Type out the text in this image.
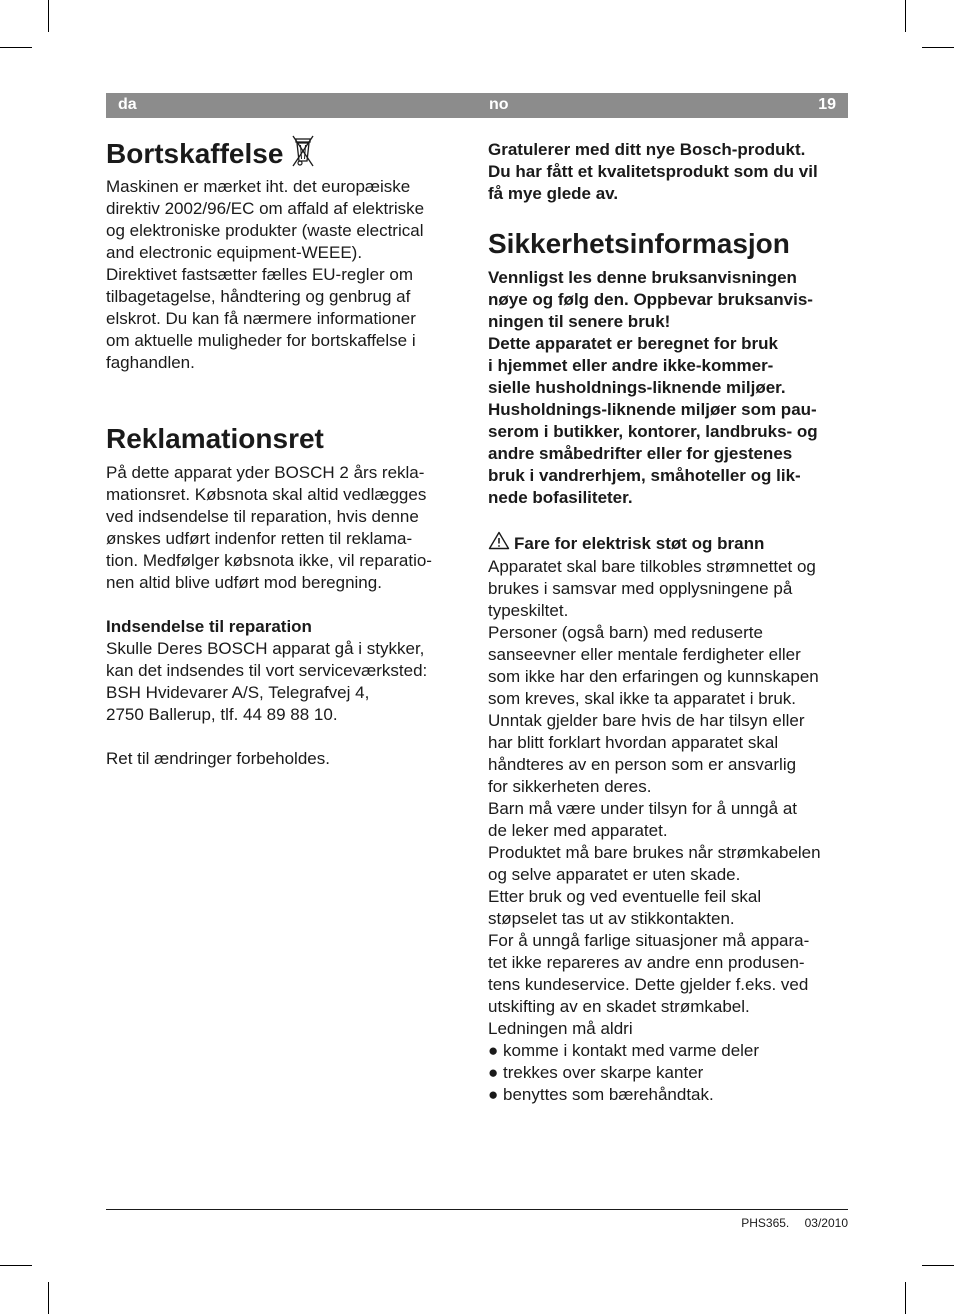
da	no	19
Bortskaffelse

Maskinen er mærket iht. det europæiske

direktiv 2002/96/EC om affald af elektriske

og elektroniske produkter (waste electrical

and electronic equipment-WEEE).

Direktivet fastsætter fælles EU-regler om

tilbagetagelse, håndtering og genbrug af

elskrot. Du kan få nærmere informationer

om aktuelle muligheder for bortskaffelse i

faghandlen.

Reklamationsret

På dette apparat yder BOSCH 2 års rekla-

mationsret. Købsnota skal altid vedlægges

ved indsendelse til reparation, hvis denne

ønskes udført indenfor retten til reklama-

tion. Medfølger købsnota ikke, vil reparatio-

nen altid blive udført mod beregning.

Indsendelse til reparation

Skulle Deres BOSCH apparat gå i stykker,

kan det indsendes til vort serviceværksted:

BSH Hvidevarer A/S, Telegrafvej 4,

2750 Ballerup, tlf. 44 89 88 10.

Ret til ændringer forbeholdes.

Gratulerer med ditt nye Bosch-produkt.

Du har fått et kvalitetsprodukt som du vil

få mye glede av.

Sikkerhetsinformasjon

Vennligst les denne bruksanvisningen

nøye og følg den. Oppbevar bruksanvis-

ningen til senere bruk!

Dette apparatet er beregnet for bruk

i hjemmet eller andre ikke-kommer-

sielle husholdnings-liknende miljøer.

Husholdnings-liknende miljøer som pau-

serom i butikker, kontorer, landbruks- og

andre småbedrifter eller for gjestenes

bruk i vandrerhjem, småhoteller og lik-

nede bofasiliteter.

Fare for elektrisk støt og brann

Apparatet skal bare tilkobles strømnettet og

brukes i samsvar med opplysningene på

typeskiltet.

Personer (også barn) med reduserte

sanseevner eller mentale ferdigheter eller

som ikke har den erfaringen og kunnskapen

som kreves, skal ikke ta apparatet i bruk.

Unntak gjelder bare hvis de har tilsyn eller

har blitt forklart hvordan apparatet skal

håndteres av en person som er ansvarlig

for sikkerheten deres.

Barn må være under tilsyn for å unngå at

de leker med apparatet.

Produktet må bare brukes når strømkabelen

og selve apparatet er uten skade.

Etter bruk og ved eventuelle feil skal

støpselet tas ut av stikkontakten.

For å unngå farlige situasjoner må appara-

tet ikke repareres av andre enn produsen-

tens kundeservice. Dette gjelder f.eks. ved

utskifting av en skadet strømkabel.

Ledningen må aldri

● komme i kontakt med varme deler
● trekkes over skarpe kanter
● benyttes som bærehåndtak.
PHS365. 03/2010
